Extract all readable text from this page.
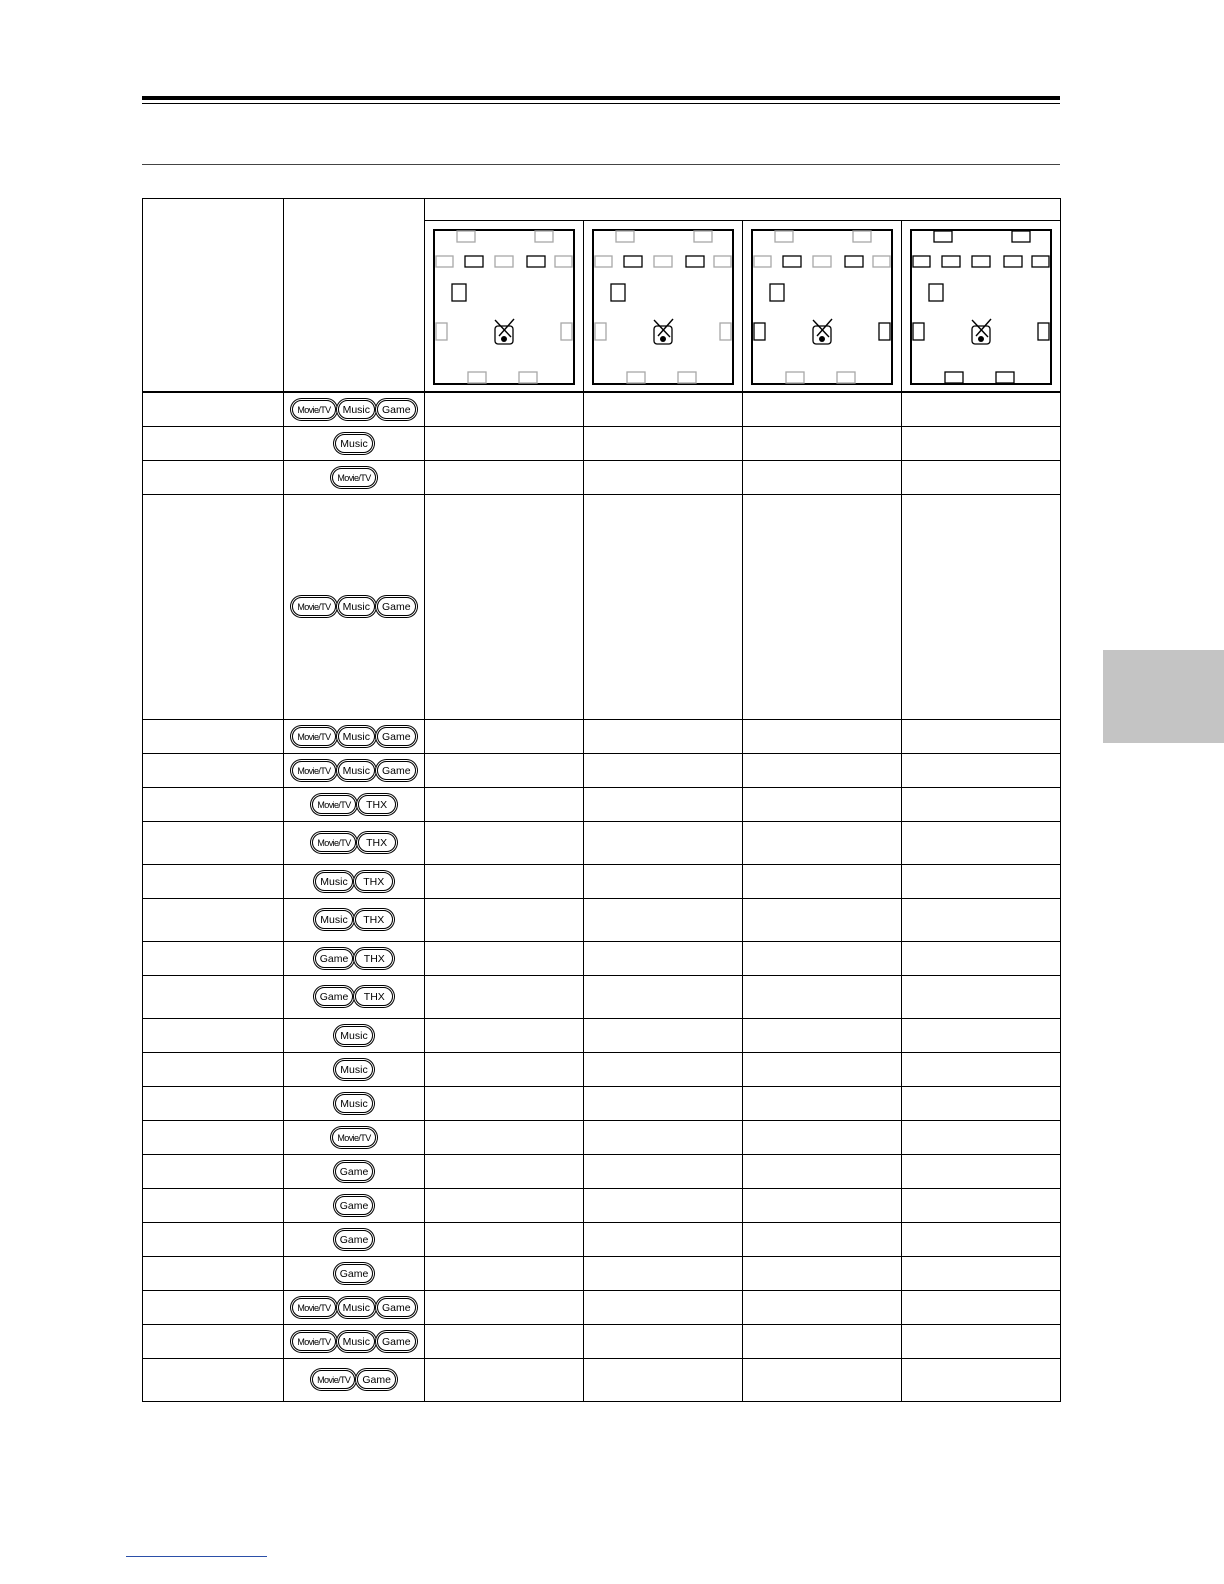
	Movie/TV Music Game				
	Music				
	Movie/TV				
	Movie/TV Music Game				
	Movie/TV Music Game				
	Movie/TV Music Game				
	Movie/TV THX				
	Movie/TV THX				
	Music THX				
	Music THX				
	Game THX				
	Game THX				
	Music				
	Music				
	Music				
	Movie/TV				
	Game				
	Game				
	Game				
	Game				
	Movie/TV Music Game				
	Movie/TV Music Game				
	Movie/TV Game				
